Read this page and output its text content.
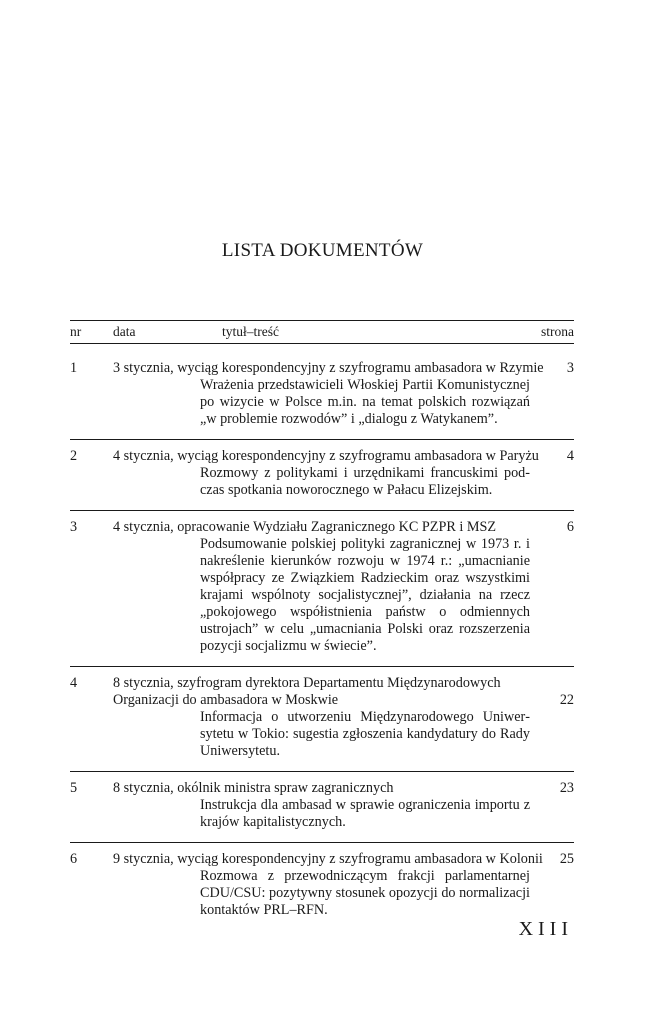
LISTA DOKUMENTÓW
nr data	tytuł–treść	strona
1	3 stycznia, wyciąg korespondencyjny z szyfrogramu ambasadora w Rzymie	3
Wrażenia przedstawicieli Włoskiej Partii Komunistycznej po wizycie w Polsce m.in. na temat polskich rozwiązań „w problemie rozwodów” i „dialogu z Watykanem”.
2	4 stycznia, wyciąg korespondencyjny z szyfrogramu ambasadora w Paryżu	4
Rozmowy z politykami i urzędnikami francuskimi podczas spotkania noworocznego w Pałacu Elizejskim.
3	4 stycznia, opracowanie Wydziału Zagranicznego KC PZPR i MSZ	6
Podsumowanie polskiej polityki zagranicznej w 1973 r. i nakreślenie kierunków rozwoju w 1974 r.: „umacnianie współpracy ze Związkiem Radzieckim oraz wszystkimi krajami wspólnoty socjalistycznej”, działania na rzecz „pokojowego współistnienia państw o odmiennych ustrojach” w celu „umacniania Polski oraz rozszerzenia pozycji socjalizmu w świecie”.
4	8 stycznia, szyfrogram dyrektora Departamentu Międzynarodowych Organizacji do ambasadora w Moskwie	22
Informacja o utworzeniu Międzynarodowego Uniwersytetu w Tokio: sugestia zgłoszenia kandydatury do Rady Uniwersytetu.
5	8 stycznia, okólnik ministra spraw zagranicznych	23
Instrukcja dla ambasad w sprawie ograniczenia importu z krajów kapitalistycznych.
6	9 stycznia, wyciąg korespondencyjny z szyfrogramu ambasadora w Kolonii	25
Rozmowa z przewodniczącym frakcji parlamentarnej CDU/CSU: pozytywny stosunek opozycji do normalizacji kontaktów PRL–RFN.
XIII
